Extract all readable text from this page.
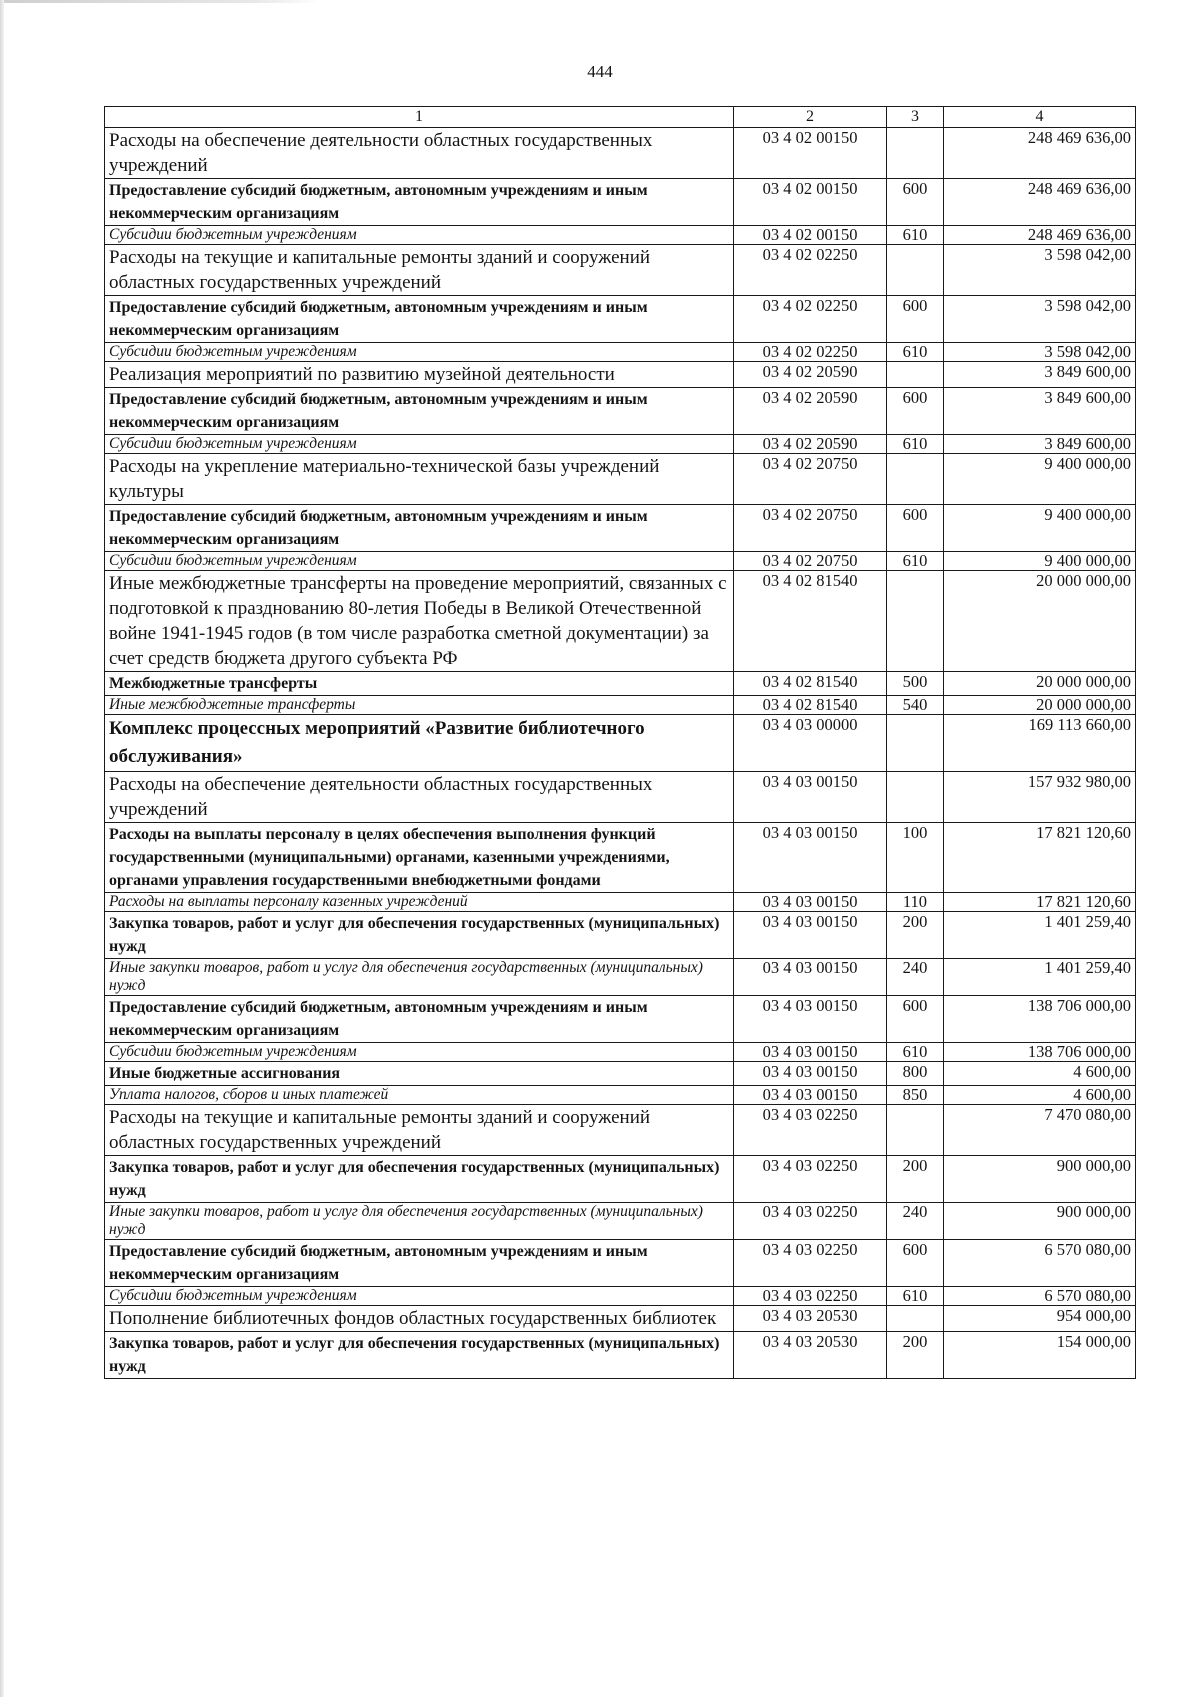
444
1	2	3	4
Расходы на обеспечение деятельности областных государственных учреждений	03 4 02 00150		248 469 636,00
Предоставление субсидий бюджетным, автономным учреждениям и иным некоммерческим организациям	03 4 02 00150	600	248 469 636,00
Субсидии бюджетным учреждениям	03 4 02 00150	610	248 469 636,00
Расходы на текущие и капитальные ремонты зданий и сооружений областных государственных учреждений	03 4 02 02250		3 598 042,00
Предоставление субсидий бюджетным, автономным учреждениям и иным некоммерческим организациям	03 4 02 02250	600	3 598 042,00
Субсидии бюджетным учреждениям	03 4 02 02250	610	3 598 042,00
Реализация мероприятий по развитию музейной деятельности	03 4 02 20590		3 849 600,00
Предоставление субсидий бюджетным, автономным учреждениям и иным некоммерческим организациям	03 4 02 20590	600	3 849 600,00
Субсидии бюджетным учреждениям	03 4 02 20590	610	3 849 600,00
Расходы на укрепление материально-технической базы учреждений культуры	03 4 02 20750		9 400 000,00
Предоставление субсидий бюджетным, автономным учреждениям и иным некоммерческим организациям	03 4 02 20750	600	9 400 000,00
Субсидии бюджетным учреждениям	03 4 02 20750	610	9 400 000,00
Иные межбюджетные трансферты на проведение мероприятий, связанных с подготовкой к празднованию 80-летия Победы в Великой Отечественной войне 1941-1945 годов (в том числе разработка сметной документации) за счет средств бюджета другого субъекта РФ	03 4 02 81540		20 000 000,00
Межбюджетные трансферты	03 4 02 81540	500	20 000 000,00
Иные межбюджетные трансферты	03 4 02 81540	540	20 000 000,00
Комплекс процессных мероприятий «Развитие библиотечного обслуживания»	03 4 03 00000		169 113 660,00
Расходы на обеспечение деятельности областных государственных учреждений	03 4 03 00150		157 932 980,00
Расходы на выплаты персоналу в целях обеспечения выполнения функций государственными (муниципальными) органами, казенными учреждениями, органами управления государственными внебюджетными фондами	03 4 03 00150	100	17 821 120,60
Расходы на выплаты персоналу казенных учреждений	03 4 03 00150	110	17 821 120,60
Закупка товаров, работ и услуг для обеспечения государственных (муниципальных) нужд	03 4 03 00150	200	1 401 259,40
Иные закупки товаров, работ и услуг для обеспечения государственных (муниципальных) нужд	03 4 03 00150	240	1 401 259,40
Предоставление субсидий бюджетным, автономным учреждениям и иным некоммерческим организациям	03 4 03 00150	600	138 706 000,00
Субсидии бюджетным учреждениям	03 4 03 00150	610	138 706 000,00
Иные бюджетные ассигнования	03 4 03 00150	800	4 600,00
Уплата налогов, сборов и иных платежей	03 4 03 00150	850	4 600,00
Расходы на текущие и капитальные ремонты зданий и сооружений областных государственных учреждений	03 4 03 02250		7 470 080,00
Закупка товаров, работ и услуг для обеспечения государственных (муниципальных) нужд	03 4 03 02250	200	900 000,00
Иные закупки товаров, работ и услуг для обеспечения государственных (муниципальных) нужд	03 4 03 02250	240	900 000,00
Предоставление субсидий бюджетным, автономным учреждениям и иным некоммерческим организациям	03 4 03 02250	600	6 570 080,00
Субсидии бюджетным учреждениям	03 4 03 02250	610	6 570 080,00
Пополнение библиотечных фондов областных государственных библиотек	03 4 03 20530		954 000,00
Закупка товаров, работ и услуг для обеспечения государственных (муниципальных) нужд	03 4 03 20530	200	154 000,00
